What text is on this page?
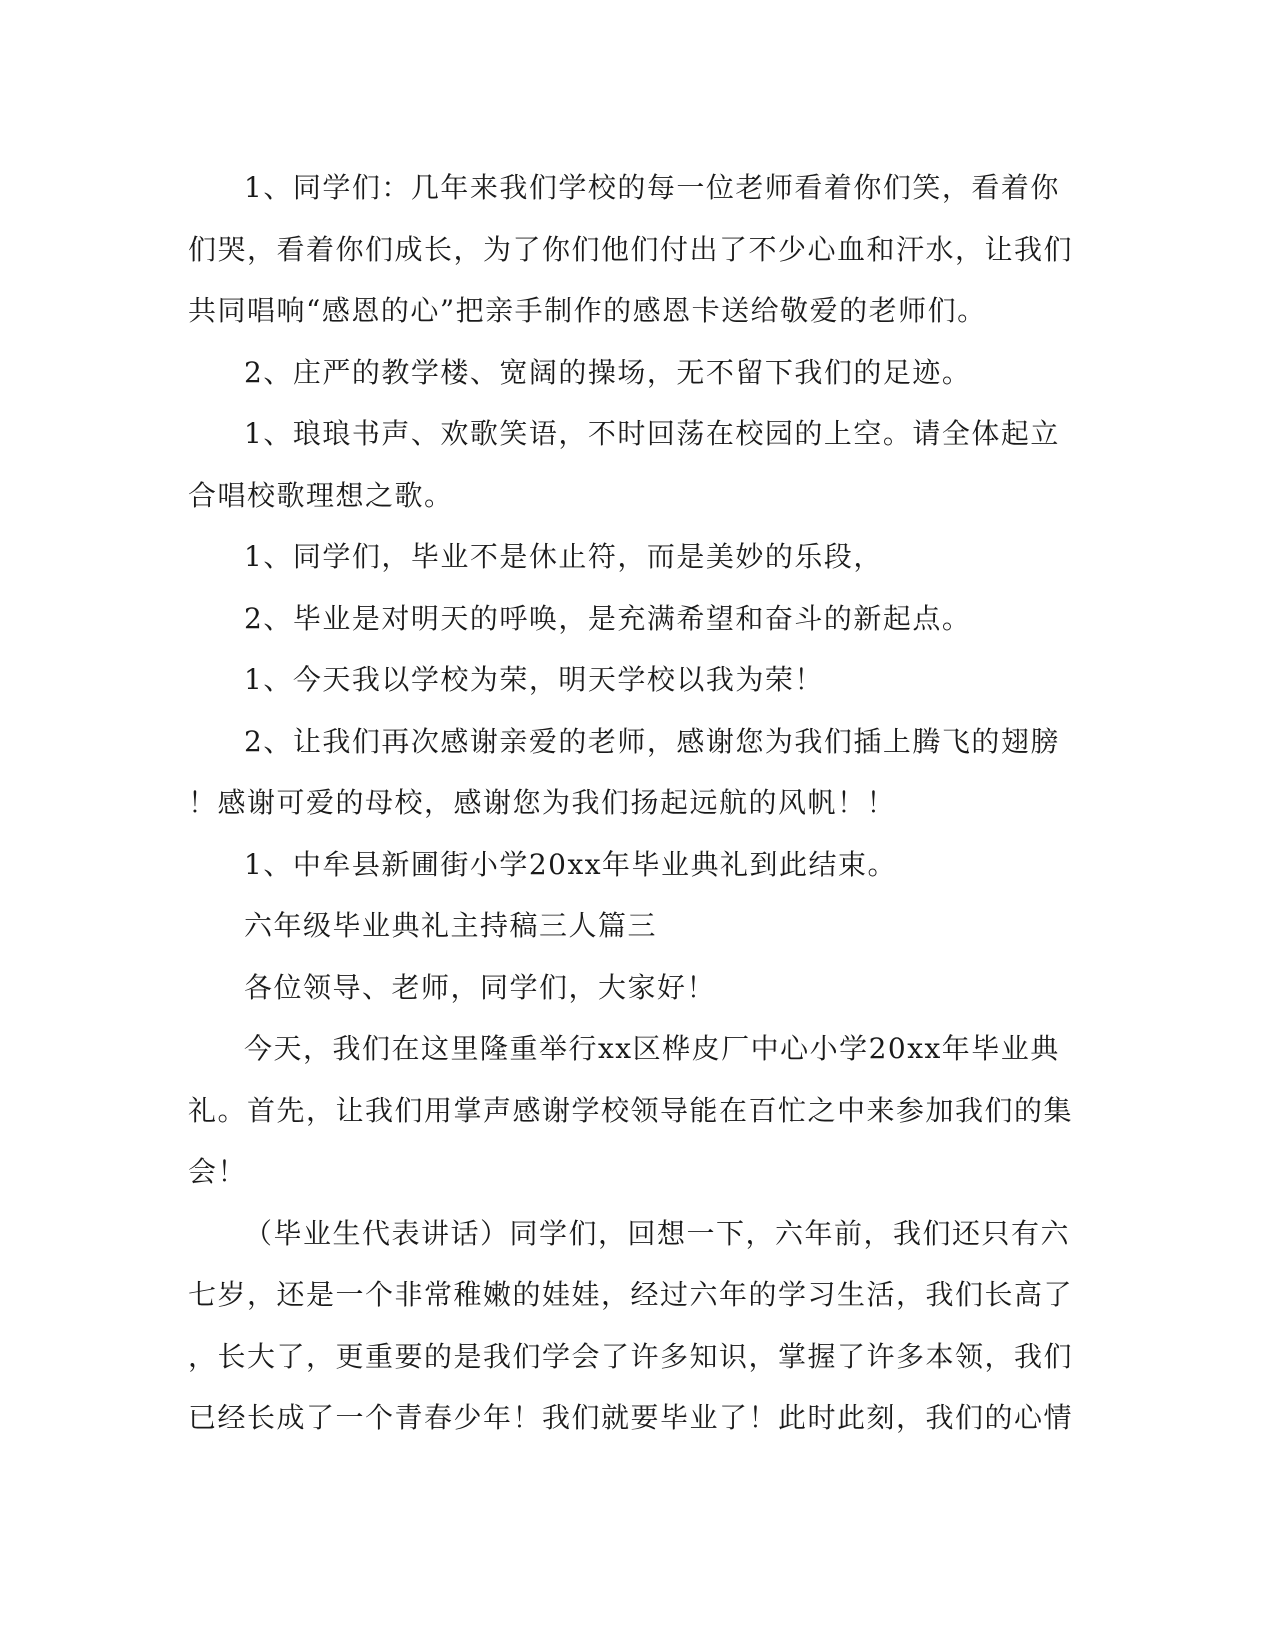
1、同学们：几年来我们学校的每一位老师看着你们笑，看着你
们哭，看着你们成长，为了你们他们付出了不少心血和汗水，让我们
共同唱响“感恩的心”把亲手制作的感恩卡送给敬爱的老师们。

2、庄严的教学楼、宽阔的操场，无不留下我们的足迹。

1、琅琅书声、欢歌笑语，不时回荡在校园的上空。请全体起立
合唱校歌理想之歌。

1、同学们，毕业不是休止符，而是美妙的乐段，

2、毕业是对明天的呼唤，是充满希望和奋斗的新起点。

1、今天我以学校为荣，明天学校以我为荣！

2、让我们再次感谢亲爱的老师，感谢您为我们插上腾飞的翅膀
！感谢可爱的母校，感谢您为我们扬起远航的风帆！！

1、中牟县新圃街小学20xx年毕业典礼到此结束。

六年级毕业典礼主持稿三人篇三

各位领导、老师，同学们，大家好！

今天，我们在这里隆重举行xx区桦皮厂中心小学20xx年毕业典
礼。首先，让我们用掌声感谢学校领导能在百忙之中来参加我们的集
会！

（毕业生代表讲话）同学们，回想一下，六年前，我们还只有六
七岁，还是一个非常稚嫩的娃娃，经过六年的学习生活，我们长高了
，长大了，更重要的是我们学会了许多知识，掌握了许多本领，我们
已经长成了一个青春少年！我们就要毕业了！此时此刻，我们的心情
